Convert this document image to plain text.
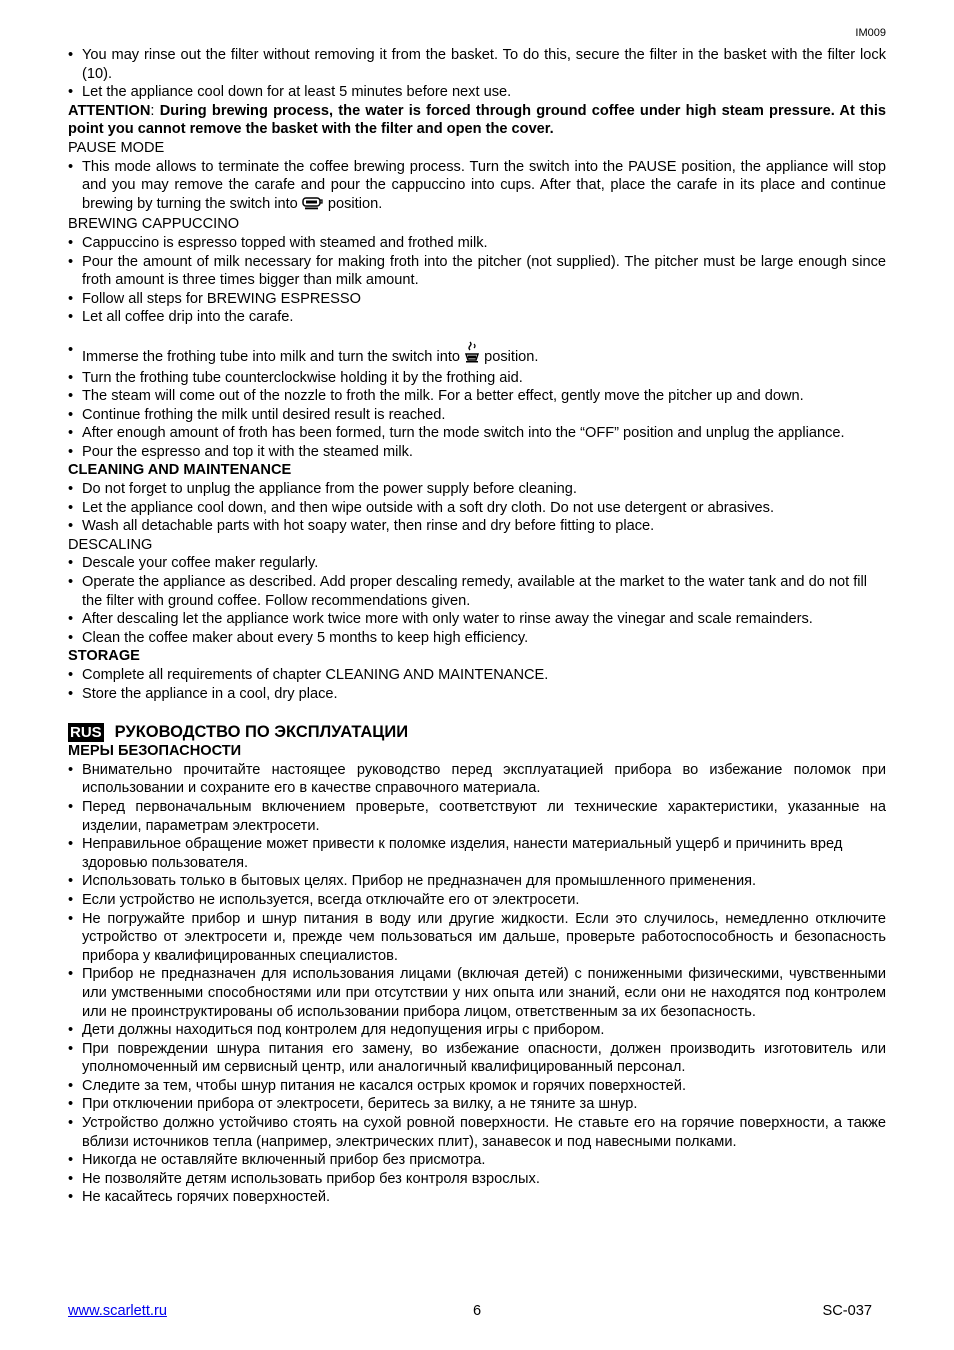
IM009
• You may rinse out the filter without removing it from the basket. To do this, secure the filter in the basket with the filter lock (10).
• Let the appliance cool down for at least 5 minutes before next use.
ATTENTION: During brewing process, the water is forced through ground coffee under high steam pressure. At this point you cannot remove the basket with the filter and open the cover.
PAUSE MODE
• This mode allows to terminate the coffee brewing process. Turn the switch into the PAUSE position, the appliance will stop and you may remove the carafe and pour the cappuccino into cups. After that, place the carafe in its place and continue brewing by turning the switch into  position.
BREWING CAPPUCCINO
• Cappuccino is espresso topped with steamed and frothed milk.
• Pour the amount of milk necessary for making froth into the pitcher (not supplied). The pitcher must be large enough since froth amount is three times bigger than milk amount.
• Follow all steps for BREWING ESPRESSO
• Let all coffee drip into the carafe.
• Immerse the frothing tube into milk and turn the switch into  position.
• Turn the frothing tube counterclockwise holding it by the frothing aid.
• The steam will come out of the nozzle to froth the milk. For a better effect, gently move the pitcher up and down.
• Continue frothing the milk until desired result is reached.
• After enough amount of froth has been formed, turn the mode switch into the “OFF” position and unplug the appliance.
• Pour the espresso and top it with the steamed milk.
CLEANING AND MAINTENANCE
• Do not forget to unplug the appliance from the power supply before cleaning.
• Let the appliance cool down, and then wipe outside with a soft dry cloth. Do not use detergent or abrasives.
• Wash all detachable parts with hot soapy water, then rinse and dry before fitting to place.
DESCALING
• Descale your coffee maker regularly.
• Operate the appliance as described. Add proper descaling remedy, available at the market to the water tank and do not fill the filter with ground coffee. Follow recommendations given.
• After descaling let the appliance work twice more with only water to rinse away the vinegar and scale remainders.
• Clean the coffee maker about every 5 months to keep high efficiency.
STORAGE
• Complete all requirements of chapter CLEANING AND MAINTENANCE.
• Store the appliance in a cool, dry place.
RUS РУКОВОДСТВО ПО ЭКСПЛУАТАЦИИ
МЕРЫ БЕЗОПАСНОСТИ
• Внимательно прочитайте настоящее руководство перед эксплуатацией прибора во избежание поломок при использовании и сохраните его в качестве справочного материала.
• Перед первоначальным включением проверьте, соответствуют ли технические характеристики, указанные на изделии, параметрам электросети.
• Неправильное обращение может привести к поломке изделия, нанести материальный ущерб и причинить вред здоровью пользователя.
• Использовать только в бытовых целях. Прибор не предназначен для промышленного применения.
• Если устройство не используется, всегда отключайте его от электросети.
• Не погружайте прибор и шнур питания в воду или другие жидкости. Если это случилось, немедленно отключите устройство от электросети и, прежде чем пользоваться им дальше, проверьте работоспособность и безопасность прибора у квалифицированных специалистов.
• Прибор не предназначен для использования лицами (включая детей) с пониженными физическими, чувственными или умственными способностями или при отсутствии у них опыта или знаний, если они не находятся под контролем или не проинструктированы об использовании прибора лицом, ответственным за их безопасность.
• Дети должны находиться под контролем для недопущения игры с прибором.
• При повреждении шнура питания его замену, во избежание опасности, должен производить изготовитель или уполномоченный им сервисный центр, или аналогичный квалифицированный персонал.
• Следите за тем, чтобы шнур питания не касался острых кромок и горячих поверхностей.
• При отключении прибора от электросети, беритесь за вилку, а не тяните за шнур.
• Устройство должно устойчиво стоять на сухой ровной поверхности. Не ставьте его на горячие поверхности, а также вблизи источников тепла (например, электрических плит), занавесок и под навесными полками.
• Никогда не оставляйте включенный прибор без присмотра.
• Не позволяйте детям использовать прибор без контроля взрослых.
• Не касайтесь горячих поверхностей.
www.scarlett.ru	6	SC-037
